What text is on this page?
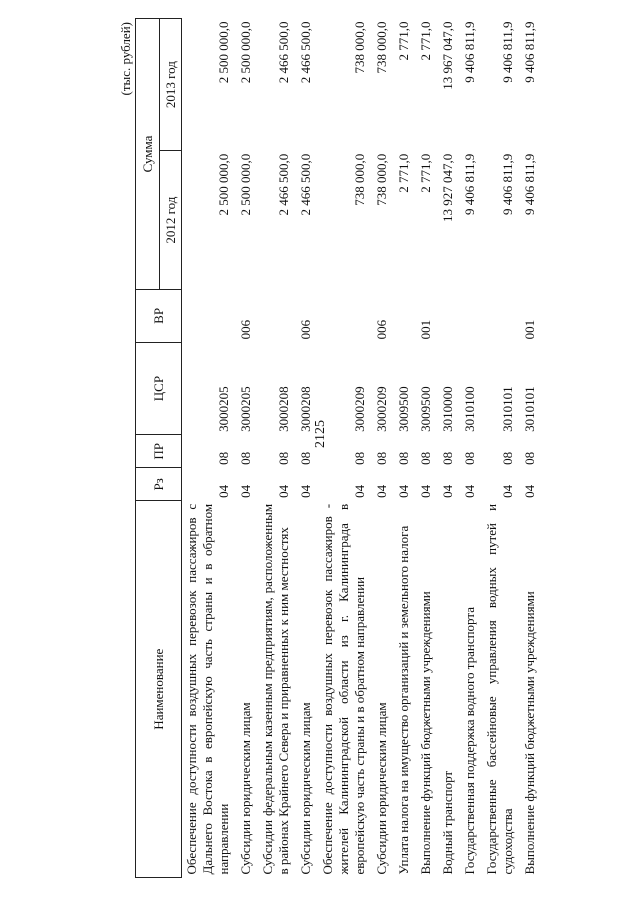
2125
(тыс. рублей)
Наименование	Рз	ПР	ЦСР	ВР	Сумма	
					2012 год	2013 год
Обеспечение доступности воздушных перевозок пассажиров с Дальнего Востока в европейскую часть страны и в обратном направлении	04	08	3000205		2 500 000,0	2 500 000,0
Субсидии юридическим лицам	04	08	3000205	006	2 500 000,0	2 500 000,0
Субсидии федеральным казенным предприятиям, расположенным в районах Крайнего Севера и приравненных к ним местностях	04	08	3000208		2 466 500,0	2 466 500,0
Субсидии юридическим лицам	04	08	3000208	006	2 466 500,0	2 466 500,0
Обеспечение доступности воздушных перевозок пассажиров - жителей Калининградской области из г. Калининграда в европейскую часть страны и в обратном направлении	04	08	3000209		738 000,0	738 000,0
Субсидии юридическим лицам	04	08	3000209	006	738 000,0	738 000,0
Уплата налога на имущество организаций и земельного налога	04	08	3009500		2 771,0	2 771,0
Выполнение функций бюджетными учреждениями	04	08	3009500	001	2 771,0	2 771,0
Водный транспорт	04	08	3010000		13 927 047,0	13 967 047,0
Государственная поддержка водного транспорта	04	08	3010100		9 406 811,9	9 406 811,9
Государственные бассейновые управления водных путей и судоходства	04	08	3010101		9 406 811,9	9 406 811,9
Выполнение функций бюджетными учреждениями	04	08	3010101	001	9 406 811,9	9 406 811,9
